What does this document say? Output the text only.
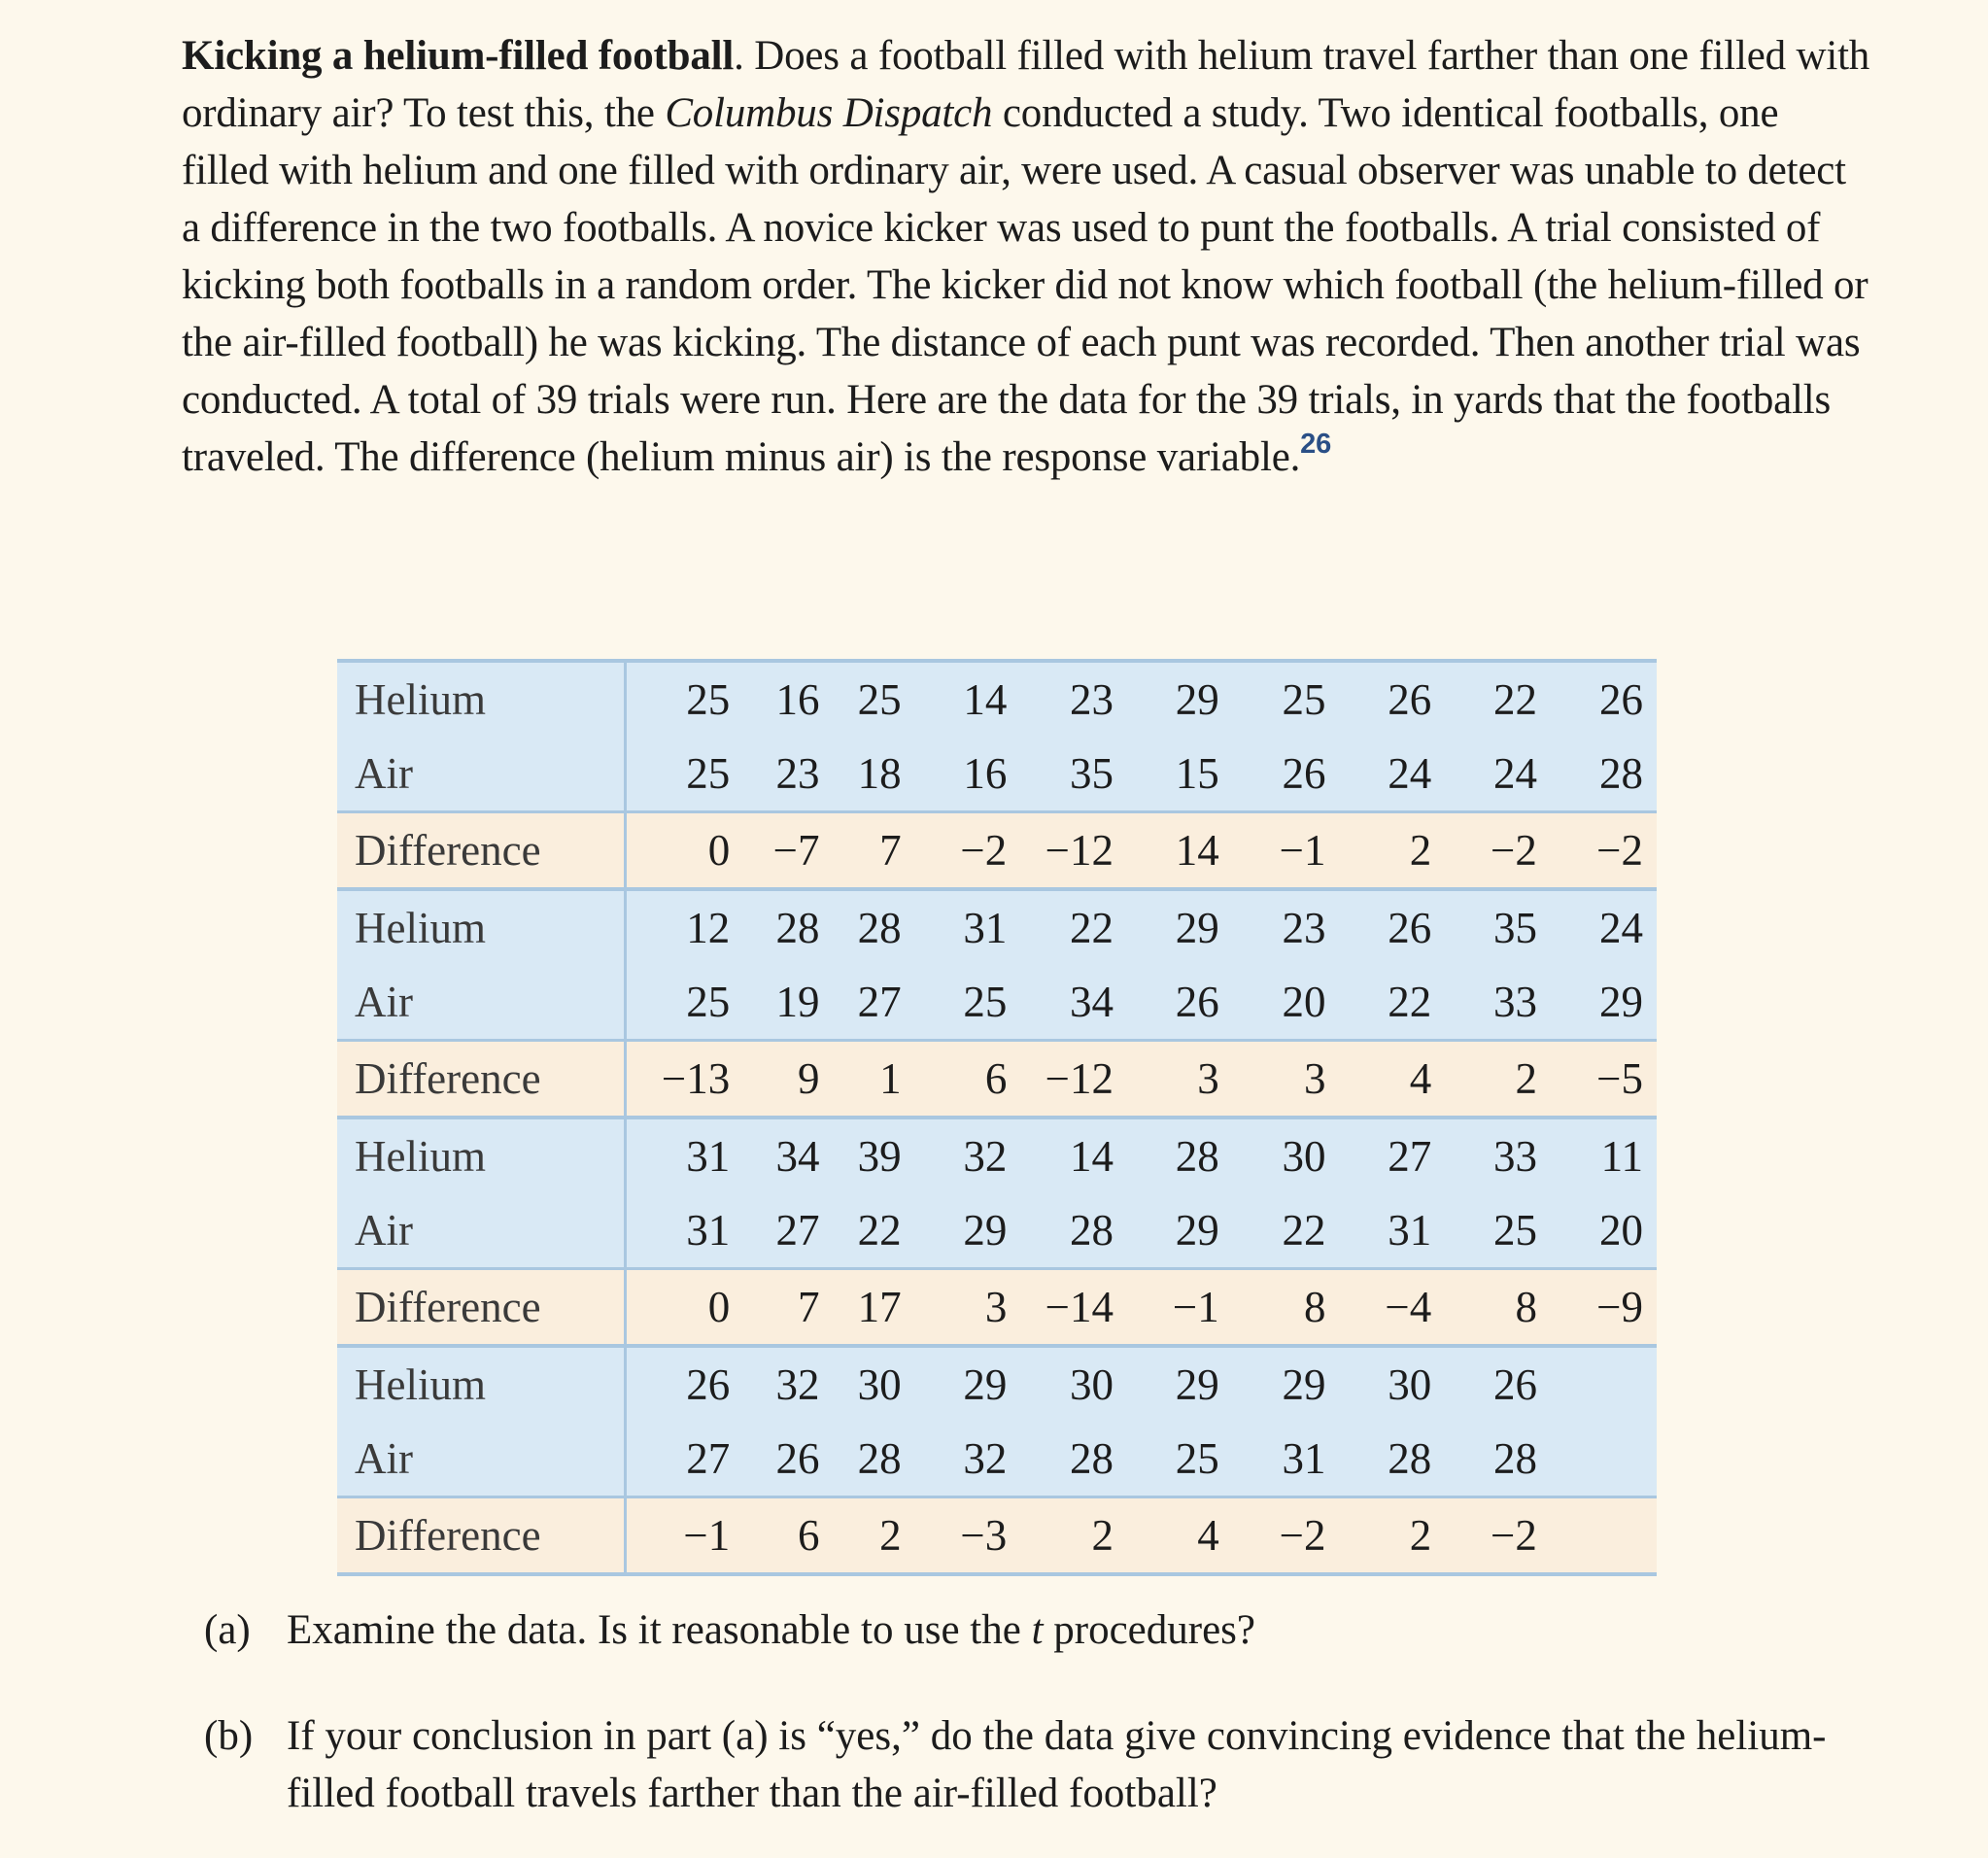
Kicking a helium-filled football. Does a football filled with helium travel farther than one filled with ordinary air? To test this, the Columbus Dispatch conducted a study. Two identical footballs, one filled with helium and one filled with ordinary air, were used. A casual observer was unable to detect a difference in the two footballs. A novice kicker was used to punt the footballs. A trial consisted of kicking both footballs in a random order. The kicker did not know which football (the helium-filled or the air-filled football) he was kicking. The distance of each punt was recorded. Then another trial was conducted. A total of 39 trials were run. Here are the data for the 39 trials, in yards that the footballs traveled. The difference (helium minus air) is the response variable.$^{26}$

Helium	25	16	25	14	23	29	25	26	22	26
Air	25	23	18	16	35	15	26	24	24	28
Difference	0	−7	7	−2	−12	14	−1	2	−2	−2
Helium	12	28	28	31	22	29	23	26	35	24
Air	25	19	27	25	34	26	20	22	33	29
Difference	−13	9	1	6	−12	3	3	4	2	−5
Helium	31	34	39	32	14	28	30	27	33	11
Air	31	27	22	29	28	29	22	31	25	20
Difference	0	7	17	3	−14	−1	8	−4	8	−9
Helium	26	32	30	29	30	29	29	30	26	
Air	27	26	28	32	28	25	31	28	28	
Difference	−1	6	2	−3	2	4	−2	2	−2	
(a) Examine the data. Is it reasonable to use the t procedures?
(b) If your conclusion in part (a) is “yes,” do the data give convincing evidence that the helium-filled football travels farther than the air-filled football?
